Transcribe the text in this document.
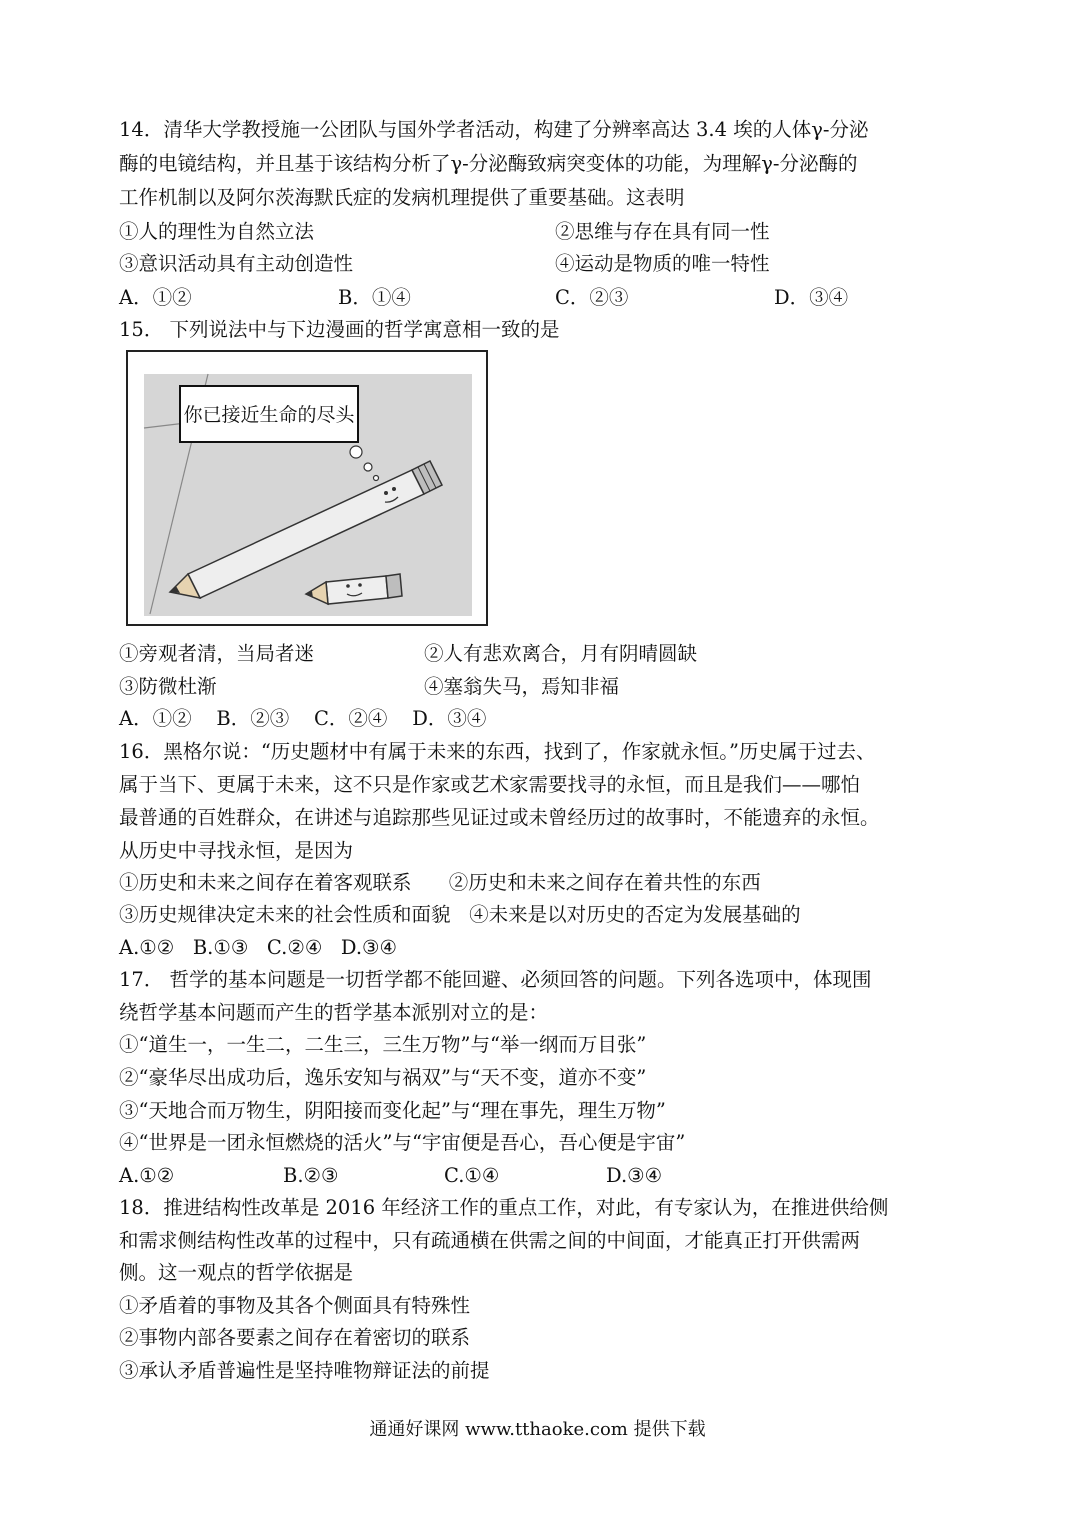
14．清华大学教授施一公团队与国外学者活动，构建了分辨率高达 3.4 埃的人体γ-分泌
酶的电镜结构，并且基于该结构分析了γ-分泌酶致病突变体的功能，为理解γ-分泌酶的
工作机制以及阿尔茨海默氏症的发病机理提供了重要基础。这表明
①人的理性为自然立法	②思维与存在具有同一性
③意识活动具有主动创造性	④运动是物质的唯一特性
A．①②	B．①④	C．②③	D．③④
15． 下列说法中与下边漫画的哲学寓意相一致的是
你已接近生命的尽头
①旁观者清，当局者迷	②人有悲欢离合，月有阴晴圆缺
③防微杜渐	④塞翁失马，焉知非福
A．①②    B．②③    C．②④    D．③④
16．黑格尔说：“历史题材中有属于未来的东西，找到了，作家就永恒。”历史属于过去、
属于当下、更属于未来，这不只是作家或艺术家需要找寻的永恒，而且是我们——哪怕
最普通的百姓群众，在讲述与追踪那些见证过或未曾经历过的故事时，不能遗弃的永恒。
从历史中寻找永恒，是因为
①历史和未来之间存在着客观联系      ②历史和未来之间存在着共性的东西
③历史规律决定未来的社会性质和面貌   ④未来是以对历史的否定为发展基础的
A.①②   B.①③   C.②④   D.③④
17． 哲学的基本问题是一切哲学都不能回避、必须回答的问题。下列各选项中，体现围
绕哲学基本问题而产生的哲学基本派别对立的是：
①“道生一，一生二，二生三，三生万物”与“举一纲而万目张”
②“豪华尽出成功后，逸乐安知与祸双”与“天不变，道亦不变”
③“天地合而万物生，阴阳接而变化起”与“理在事先，理生万物”
④“世界是一团永恒燃烧的活火”与“宇宙便是吾心，吾心便是宇宙”
A.①②	B.②③	C.①④	D.③④
18．推进结构性改革是 2016 年经济工作的重点工作，对此，有专家认为，在推进供给侧
和需求侧结构性改革的过程中，只有疏通横在供需之间的中间面，才能真正打开供需两
侧。这一观点的哲学依据是
①矛盾着的事物及其各个侧面具有特殊性
②事物内部各要素之间存在着密切的联系
③承认矛盾普遍性是坚持唯物辩证法的前提
通通好课网 www.tthaoke.com 提供下载
